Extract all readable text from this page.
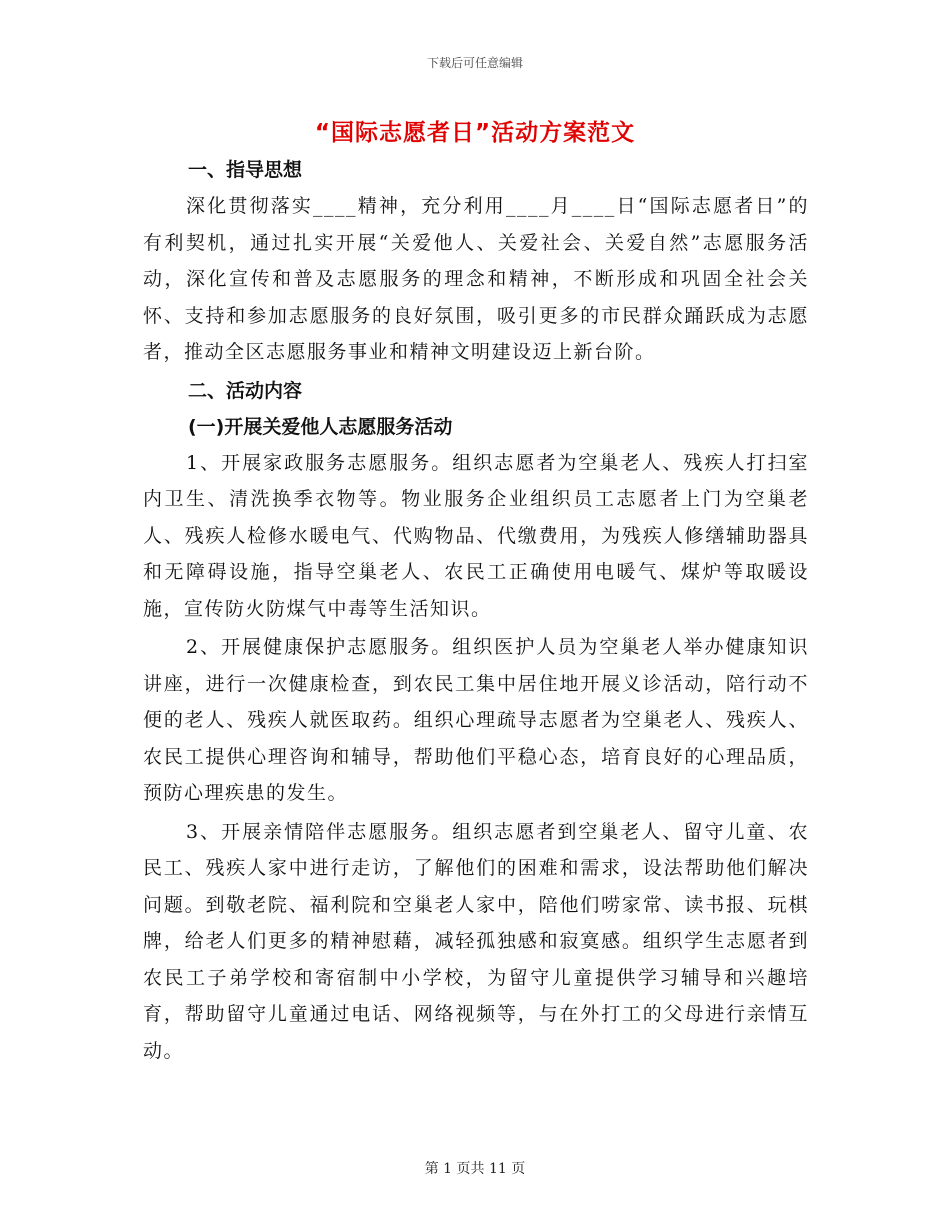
下载后可任意编辑
“国际志愿者日”活动方案范文

一、指导思想

深化贯彻落实____精神，充分利用____月____日“国际志愿者日”的有利契机，通过扎实开展“关爱他人、关爱社会、关爱自然”志愿服务活动，深化宣传和普及志愿服务的理念和精神，不断形成和巩固全社会关怀、支持和参加志愿服务的良好氛围，吸引更多的市民群众踊跃成为志愿者，推动全区志愿服务事业和精神文明建设迈上新台阶。

二、活动内容

(一)开展关爱他人志愿服务活动

1、开展家政服务志愿服务。组织志愿者为空巢老人、残疾人打扫室内卫生、清洗换季衣物等。物业服务企业组织员工志愿者上门为空巢老人、残疾人检修水暖电气、代购物品、代缴费用，为残疾人修缮辅助器具和无障碍设施，指导空巢老人、农民工正确使用电暖气、煤炉等取暖设施，宣传防火防煤气中毒等生活知识。

2、开展健康保护志愿服务。组织医护人员为空巢老人举办健康知识讲座，进行一次健康检查，到农民工集中居住地开展义诊活动，陪行动不便的老人、残疾人就医取药。组织心理疏导志愿者为空巢老人、残疾人、农民工提供心理咨询和辅导，帮助他们平稳心态，培育良好的心理品质，预防心理疾患的发生。

3、开展亲情陪伴志愿服务。组织志愿者到空巢老人、留守儿童、农民工、残疾人家中进行走访，了解他们的困难和需求，设法帮助他们解决问题。到敬老院、福利院和空巢老人家中，陪他们唠家常、读书报、玩棋牌，给老人们更多的精神慰藉，减轻孤独感和寂寞感。组织学生志愿者到农民工子弟学校和寄宿制中小学校，为留守儿童提供学习辅导和兴趣培育，帮助留守儿童通过电话、网络视频等，与在外打工的父母进行亲情互动。

第 1 页共 11 页
